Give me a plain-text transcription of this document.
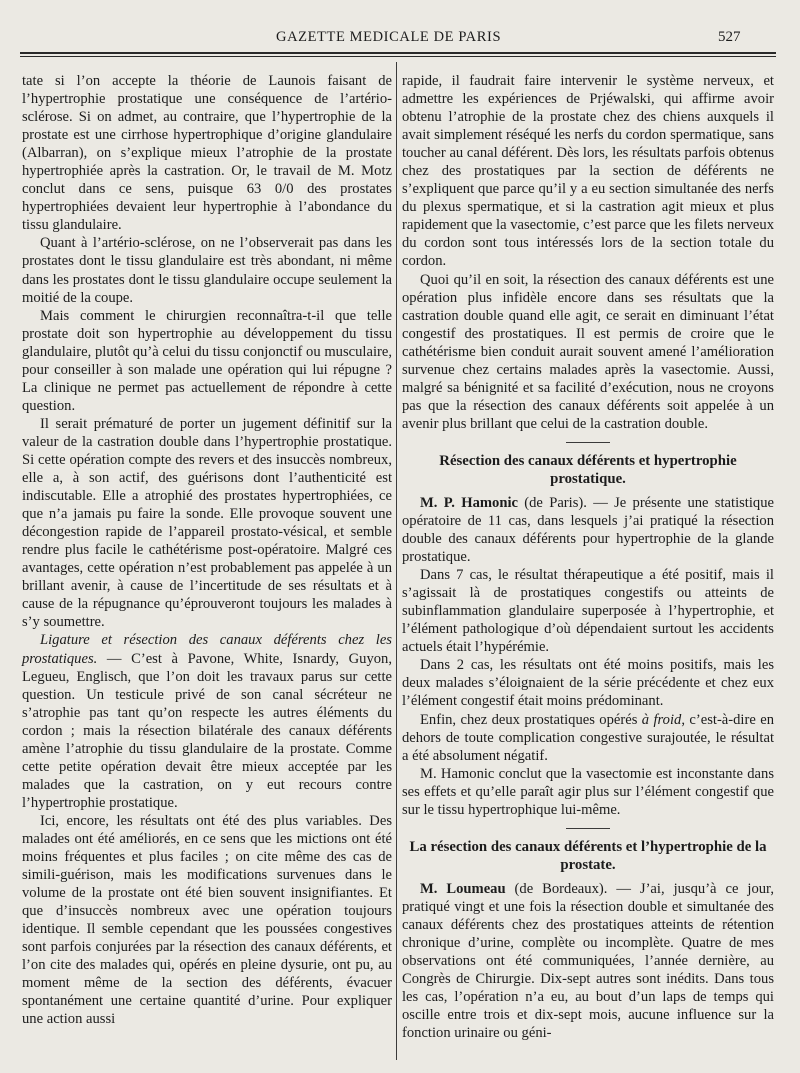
GAZETTE MEDICALE DE PARIS	527

tate si l’on accepte la théorie de Launois faisant de l’hypertrophie prostatique une conséquence de l’artério-sclérose. Si on admet, au contraire, que l’hypertrophie de la prostate est une cirrhose hypertrophique d’origine glandulaire (Albarran), on s’explique mieux l’atrophie de la prostate hypertrophiée après la castration. Or, le travail de M. Motz conclut dans ce sens, puisque 63 0/0 des prostates hypertrophiées devaient leur hypertrophie à l’abondance du tissu glandulaire.

Quant à l’artério-sclérose, on ne l’observerait pas dans les prostates dont le tissu glandulaire est très abondant, ni même dans les prostates dont le tissu glandulaire occupe seulement la moitié de la coupe.

Mais comment le chirurgien reconnaîtra-t-il que telle prostate doit son hypertrophie au développement du tissu glandulaire, plutôt qu’à celui du tissu conjonctif ou musculaire, pour conseiller à son malade une opération qui lui répugne ? La clinique ne permet pas actuellement de répondre à cette question.

Il serait prématuré de porter un jugement définitif sur la valeur de la castration double dans l’hypertrophie prostatique. Si cette opération compte des revers et des insuccès nombreux, elle a, à son actif, des guérisons dont l’authenticité est indiscutable. Elle a atrophié des prostates hypertrophiées, ce que n’a jamais pu faire la sonde. Elle provoque souvent une décongestion rapide de l’appareil prostato-vésical, et semble rendre plus facile le cathétérisme post-opératoire. Malgré ces avantages, cette opération n’est probablement pas appelée à un brillant avenir, à cause de l’incertitude de ses résultats et à cause de la répugnance qu’éprouveront toujours les malades à s’y soumettre.

Ligature et résection des canaux déférents chez les prostatiques. — C’est à Pavone, White, Isnardy, Guyon, Legueu, Englisch, que l’on doit les travaux parus sur cette question. Un testicule privé de son canal sécréteur ne s’atrophie pas tant qu’on respecte les autres éléments du cordon ; mais la résection bilatérale des canaux déférents amène l’atrophie du tissu glandulaire de la prostate. Comme cette petite opération devait être mieux acceptée par les malades que la castration, on y eut recours contre l’hypertrophie prostatique.

Ici, encore, les résultats ont été des plus variables. Des malades ont été améliorés, en ce sens que les mictions ont été moins fréquentes et plus faciles ; on cite même des cas de simili-guérison, mais les modifications survenues dans le volume de la prostate ont été bien souvent insignifiantes. Et que d’insuccès nombreux avec une opération toujours identique. Il semble cependant que les poussées congestives sont parfois conjurées par la résection des canaux déférents, et l’on cite des malades qui, opérés en pleine dysurie, ont pu, au moment même de la section des déférents, évacuer spontanément une certaine quantité d’urine. Pour expliquer une action aussi

rapide, il faudrait faire intervenir le système nerveux, et admettre les expériences de Prjéwalski, qui affirme avoir obtenu l’atrophie de la prostate chez des chiens auxquels il avait simplement réséqué les nerfs du cordon spermatique, sans toucher au canal déférent. Dès lors, les résultats parfois obtenus chez des prostatiques par la section de déférents ne s’expliquent que parce qu’il y a eu section simultanée des nerfs du plexus spermatique, et si la castration agit mieux et plus rapidement que la vasectomie, c’est parce que les filets nerveux du cordon sont tous intéressés lors de la section totale du cordon.

Quoi qu’il en soit, la résection des canaux déférents est une opération plus infidèle encore dans ses résultats que la castration double quand elle agit, ce serait en diminuant l’état congestif des prostatiques. Il est permis de croire que le cathétérisme bien conduit aurait souvent amené l’amélioration survenue chez certains malades après la vasectomie. Aussi, malgré sa bénignité et sa facilité d’exécution, nous ne croyons pas que la résection des canaux déférents soit appelée à un avenir plus brillant que celui de la castration double.

Résection des canaux déférents et hypertrophie prostatique.

M. P. Hamonic (de Paris). — Je présente une statistique opératoire de 11 cas, dans lesquels j’ai pratiqué la résection double des canaux déférents pour hypertrophie de la glande prostatique.

Dans 7 cas, le résultat thérapeutique a été positif, mais il s’agissait là de prostatiques congestifs ou atteints de subinflammation glandulaire superposée à l’hypertrophie, et l’élément pathologique d’où dépendaient surtout les accidents actuels était l’hypérémie.

Dans 2 cas, les résultats ont été moins positifs, mais les deux malades s’éloignaient de la série précédente et chez eux l’élément congestif était moins prédominant.

Enfin, chez deux prostatiques opérés à froid, c’est-à-dire en dehors de toute complication congestive surajoutée, le résultat a été absolument négatif.

M. Hamonic conclut que la vasectomie est inconstante dans ses effets et qu’elle paraît agir plus sur l’élément congestif que sur le tissu hypertrophique lui-même.

La résection des canaux déférents et l’hypertrophie de la prostate.

M. Loumeau (de Bordeaux). — J’ai, jusqu’à ce jour, pratiqué vingt et une fois la résection double et simultanée des canaux déférents chez des prostatiques atteints de rétention chronique d’urine, complète ou incomplète. Quatre de mes observations ont été communiquées, l’année dernière, au Congrès de Chirurgie. Dix-sept autres sont inédits. Dans tous les cas, l’opération n’a eu, au bout d’un laps de temps qui oscille entre trois et dix-sept mois, aucune influence sur la fonction urinaire ou géni-
